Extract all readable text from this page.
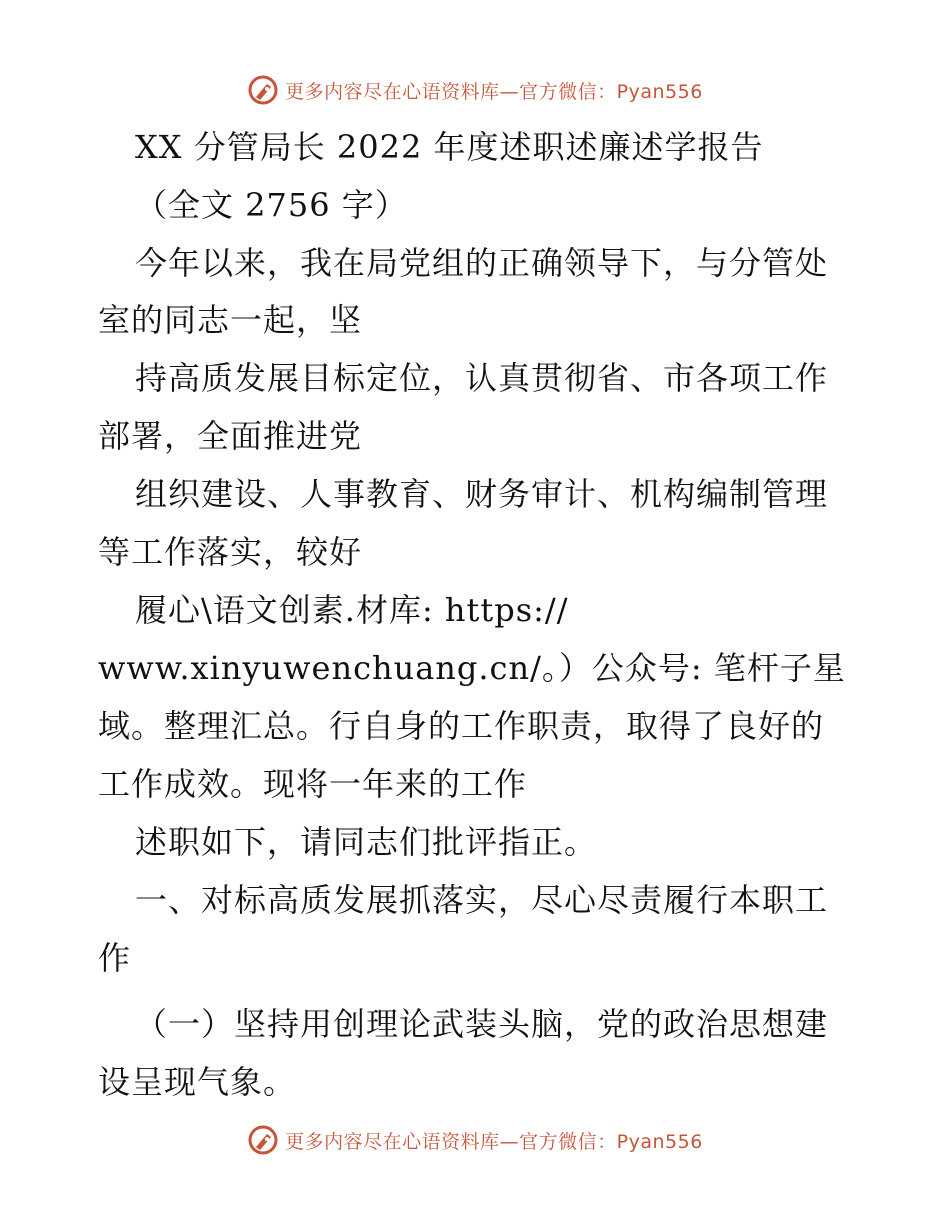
更多内容尽在心语资料库—官方微信：Pyan556
XX 分管局长 2022 年度述职述廉述学报告
（全文 2756 字）
今年以来，我在局党组的正确领导下，与分管处
室的同志一起，坚
持高质发展目标定位，认真贯彻省、市各项工作
部署，全面推进党
组织建设、人事教育、财务审计、机构编制管理
等工作落实，较好
履心\语文创素.材库: https://
www.xinyuwenchuang.cn/。）公众号: 笔杆子星
域。整理汇总。行自身的工作职责，取得了良好的
工作成效。现将一年来的工作
述职如下，请同志们批评指正。
一、对标高质发展抓落实，尽心尽责履行本职工
作
（一）坚持用创理论武装头脑，党的政治思想建
设呈现气象。
更多内容尽在心语资料库—官方微信：Pyan556
